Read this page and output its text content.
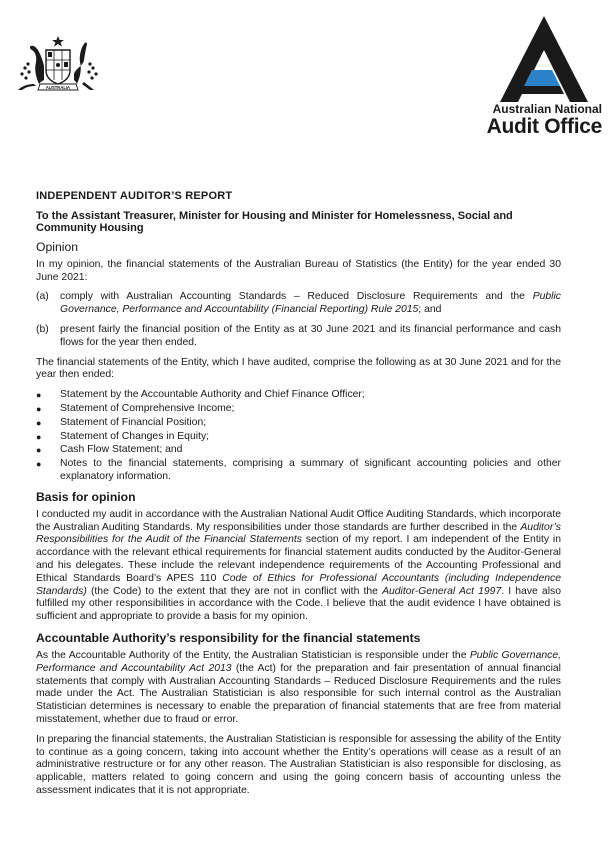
AUSTRALIA
Australian National
Audit Office
INDEPENDENT AUDITOR’S REPORT
To the Assistant Treasurer, Minister for Housing and Minister for Homelessness, Social and Community Housing
Opinion

In my opinion, the financial statements of the Australian Bureau of Statistics (the Entity) for the year ended 30 June 2021:

(a)	comply with Australian Accounting Standards – Reduced Disclosure Requirements and the Public Governance, Performance and Accountability (Financial Reporting) Rule 2015; and
(b)	present fairly the financial position of the Entity as at 30 June 2021 and its financial performance and cash flows for the year then ended.

The financial statements of the Entity, which I have audited, comprise the following as at 30 June 2021 and for the year then ended:

●	Statement by the Accountable Authority and Chief Finance Officer;
●	Statement of Comprehensive Income;
●	Statement of Financial Position;
●	Statement of Changes in Equity;
●	Cash Flow Statement; and
●	Notes to the financial statements, comprising a summary of significant accounting policies and other explanatory information.
Basis for opinion

I conducted my audit in accordance with the Australian National Audit Office Auditing Standards, which incorporate the Australian Auditing Standards. My responsibilities under those standards are further described in the Auditor’s Responsibilities for the Audit of the Financial Statements section of my report. I am independent of the Entity in accordance with the relevant ethical requirements for financial statement audits conducted by the Auditor-General and his delegates. These include the relevant independence requirements of the Accounting Professional and Ethical Standards Board’s APES 110 Code of Ethics for Professional Accountants (including Independence Standards) (the Code) to the extent that they are not in conflict with the Auditor-General Act 1997. I have also fulfilled my other responsibilities in accordance with the Code. I believe that the audit evidence I have obtained is sufficient and appropriate to provide a basis for my opinion.

Accountable Authority’s responsibility for the financial statements

As the Accountable Authority of the Entity, the Australian Statistician is responsible under the Public Governance, Performance and Accountability Act 2013 (the Act) for the preparation and fair presentation of annual financial statements that comply with Australian Accounting Standards – Reduced Disclosure Requirements and the rules made under the Act. The Australian Statistician is also responsible for such internal control as the Australian Statistician determines is necessary to enable the preparation of financial statements that are free from material misstatement, whether due to fraud or error.

In preparing the financial statements, the Australian Statistician is responsible for assessing the ability of the Entity to continue as a going concern, taking into account whether the Entity’s operations will cease as a result of an administrative restructure or for any other reason. The Australian Statistician is also responsible for disclosing, as applicable, matters related to going concern and using the going concern basis of accounting unless the assessment indicates that it is not appropriate.
